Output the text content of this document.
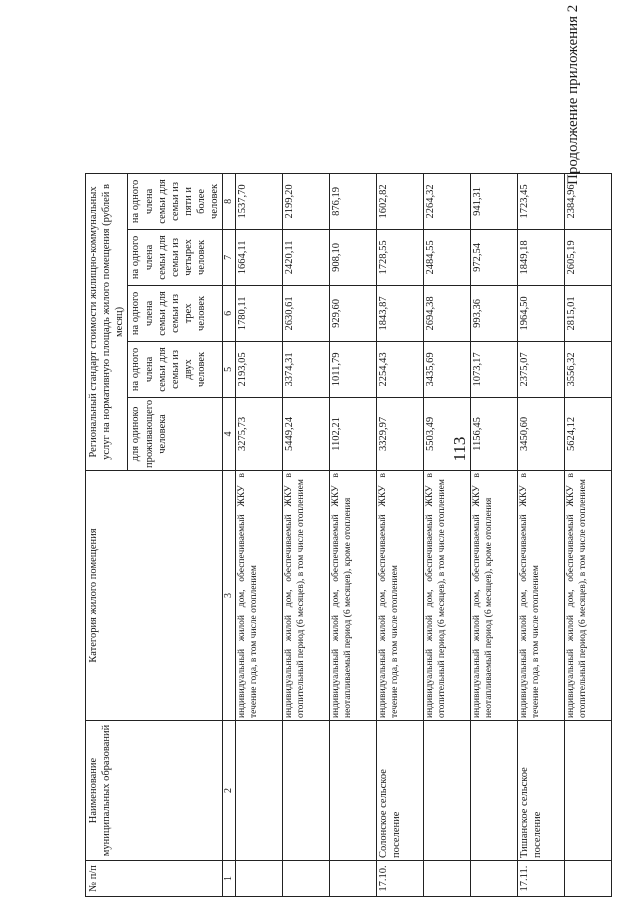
113
Продолжение приложения 2
№ п/п	Наименование муниципальных образований	Категория жилого помещения	Региональный стандарт стоимости жилищно-коммунальных услуг на нормативную площадь жилого помещения (рублей в месяц)				
			для одиноко проживающего человека	на одного члена семьи для семьи из двух человек	на одного члена семьи для семьи из трех человек	на одного члена семьи для семьи из четырех человек	на одного члена семьи для семьи из пяти и более человек
1	2	3	4	5	6	7	8
		индивидуальный жилой дом, обеспечиваемый ЖКУ в течение года, в том числе отоплением	3275,73	2193,05	1780,11	1664,11	1537,70
		индивидуальный жилой дом, обеспечиваемый ЖКУ в отопительный период (6 месяцев), в том числе отоплением	5449,24	3374,31	2630,61	2420,11	2199,20
		индивидуальный жилой дом, обеспечиваемый ЖКУ в неотапливаемый период (6 месяцев), кроме отопления	1102,21	1011,79	929,60	908,10	876,19
17.10.	Солонское сельское поселение	индивидуальный жилой дом, обеспечиваемый ЖКУ в течение года, в том числе отоплением	3329,97	2254,43	1843,87	1728,55	1602,82
		индивидуальный жилой дом, обеспечиваемый ЖКУ в отопительный период (6 месяцев), в том числе отоплением	5503,49	3435,69	2694,38	2484,55	2264,32
		индивидуальный жилой дом, обеспечиваемый ЖКУ в неотапливаемый период (6 месяцев), кроме отопления	1156,45	1073,17	993,36	972,54	941,31
17.11.	Тишанское сельское поселение	индивидуальный жилой дом, обеспечиваемый ЖКУ в течение года, в том числе отоплением	3450,60	2375,07	1964,50	1849,18	1723,45
		индивидуальный жилой дом, обеспечиваемый ЖКУ в отопительный период (6 месяцев), в том числе отоплением	5624,12	3556,32	2815,01	2605,19	2384,96
